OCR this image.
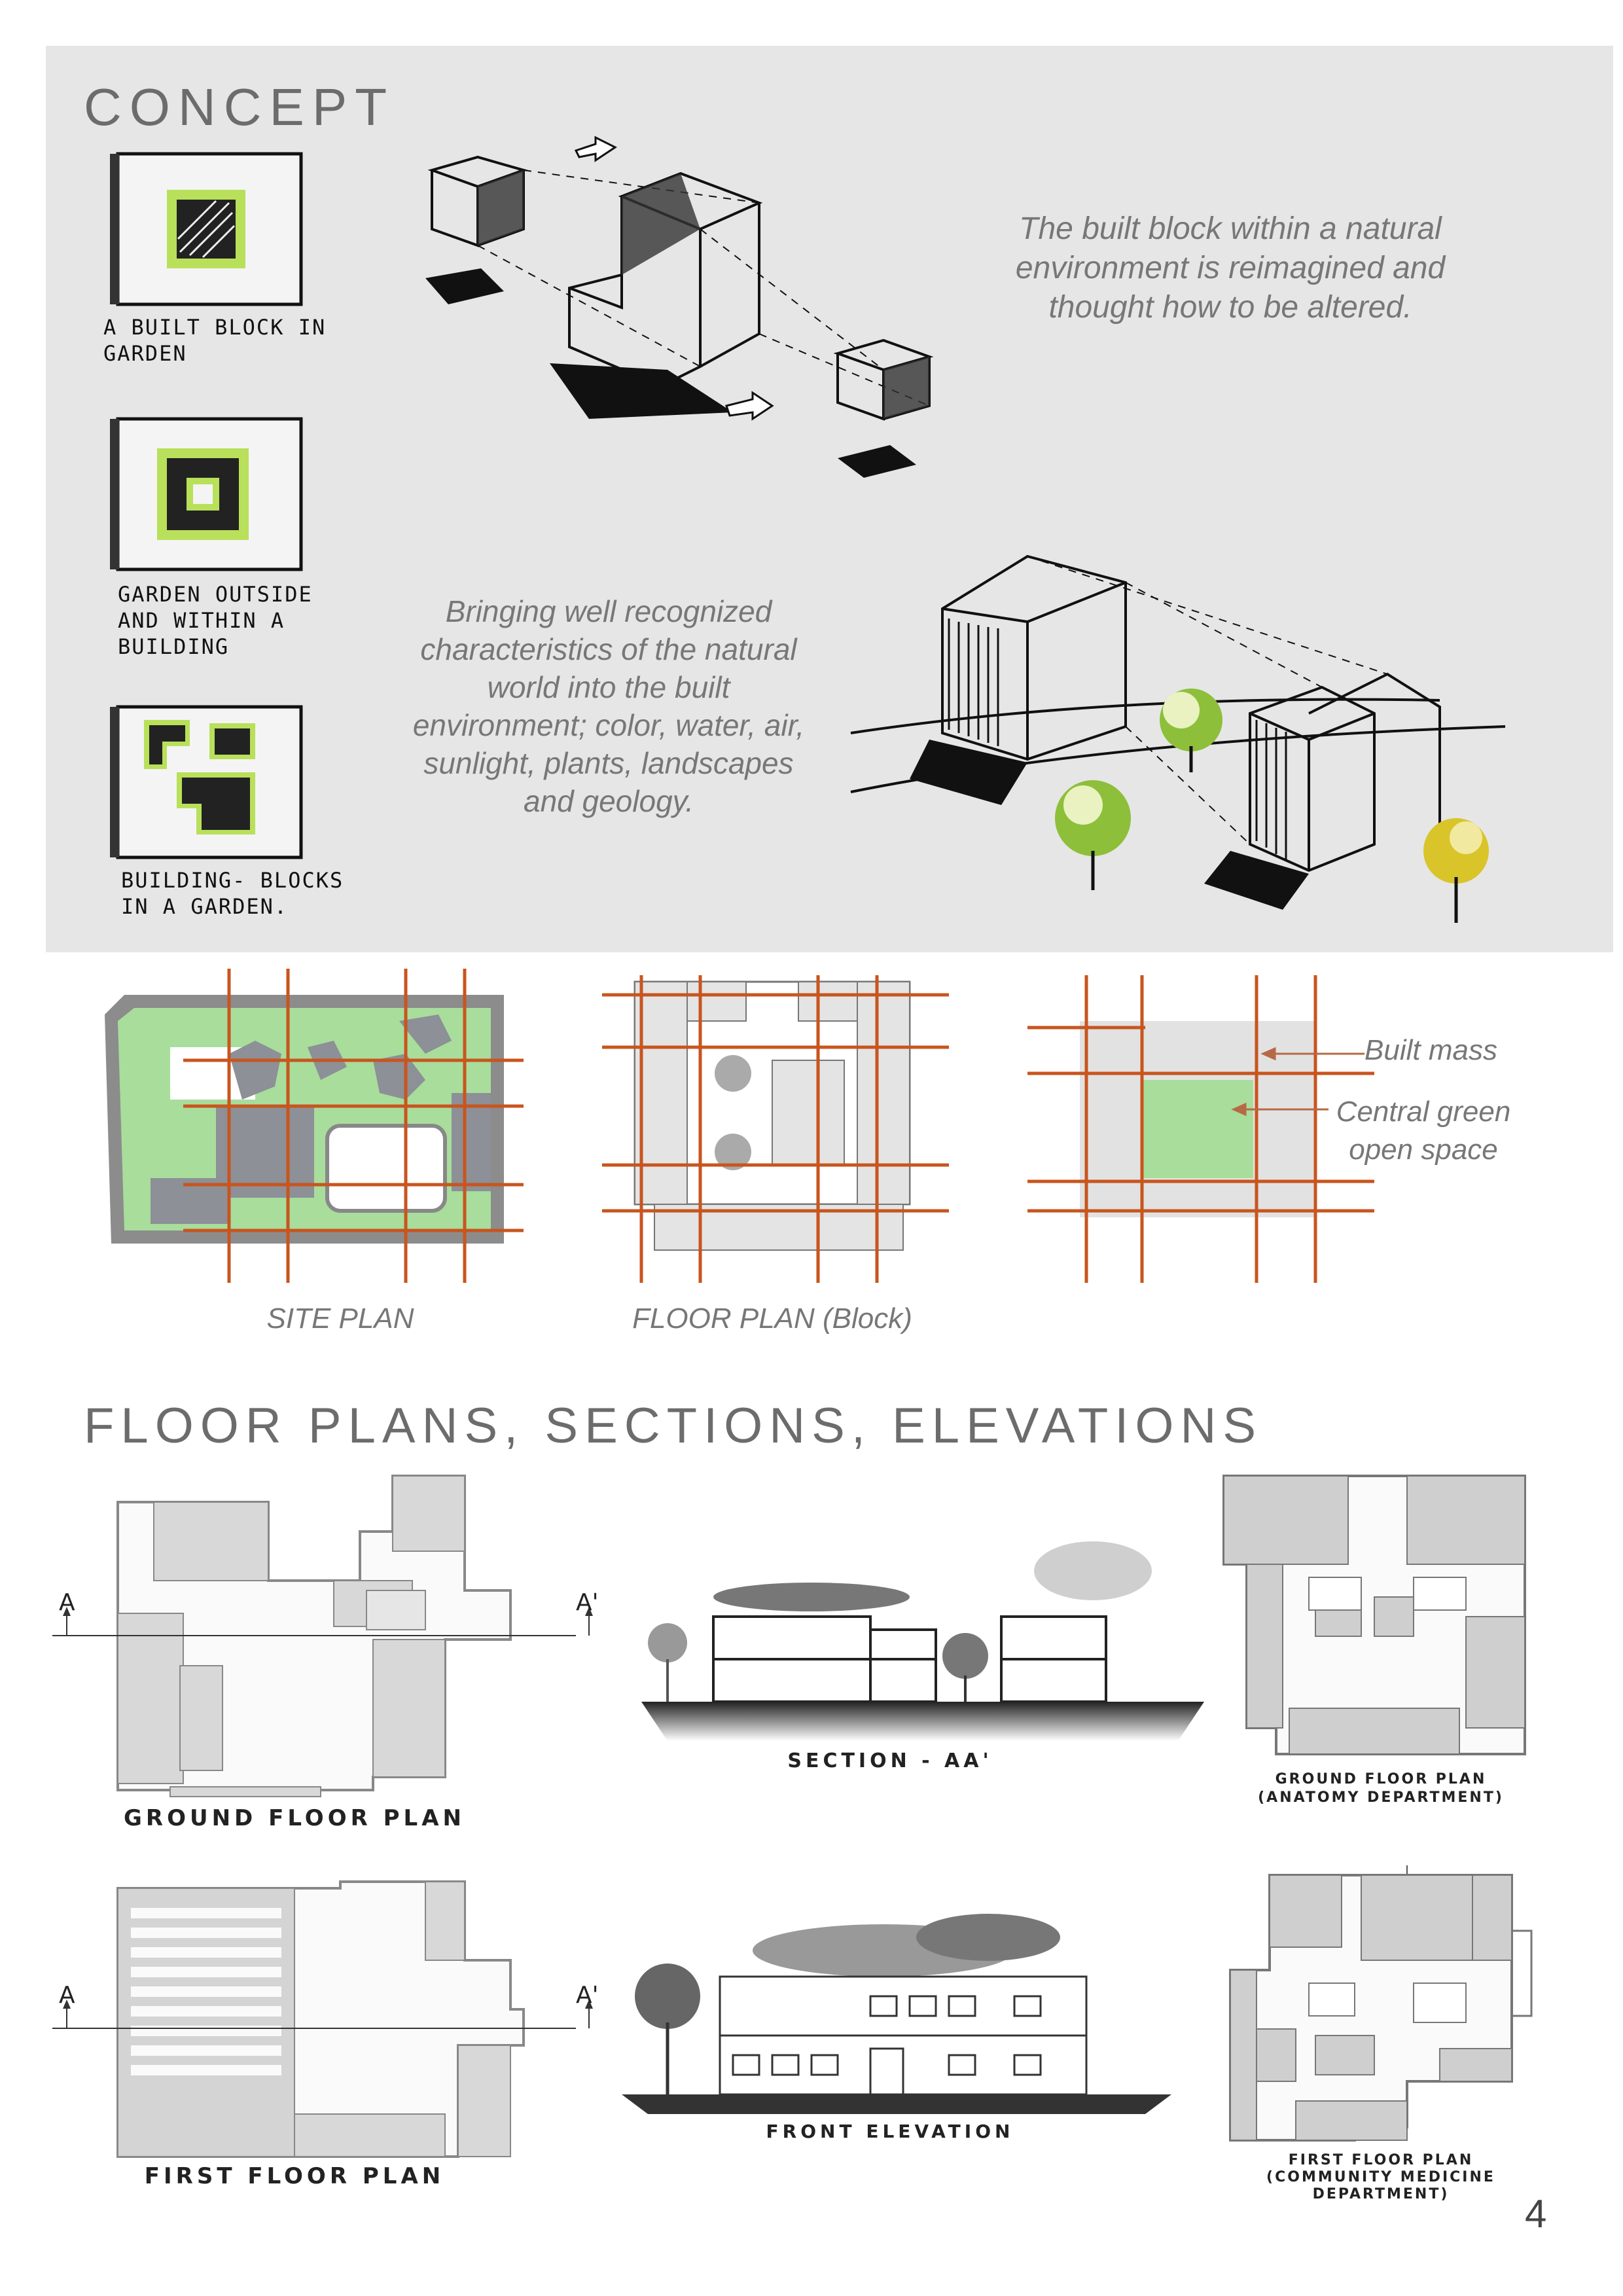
CONCEPT
A BUILT BLOCK IN
GARDEN
GARDEN OUTSIDE
AND WITHIN A
BUILDING
BUILDING- BLOCKS
IN A GARDEN.
The built block within a natural environment is reimagined and thought how to be altered.
Bringing well recognized characteristics of the natural world into the built environment; color, water, air, sunlight, plants, landscapes and geology.
SITE PLAN	FLOOR PLAN (Block)
Built mass
Central green
open space
FLOOR PLANS, SECTIONS, ELEVATIONS
A	A'
GROUND FLOOR PLAN
A	A'
FIRST FLOOR PLAN
SECTION - AA'
FRONT ELEVATION
GROUND FLOOR PLAN
(ANATOMY DEPARTMENT)
FIRST FLOOR PLAN
(COMMUNITY MEDICINE
DEPARTMENT)	4
